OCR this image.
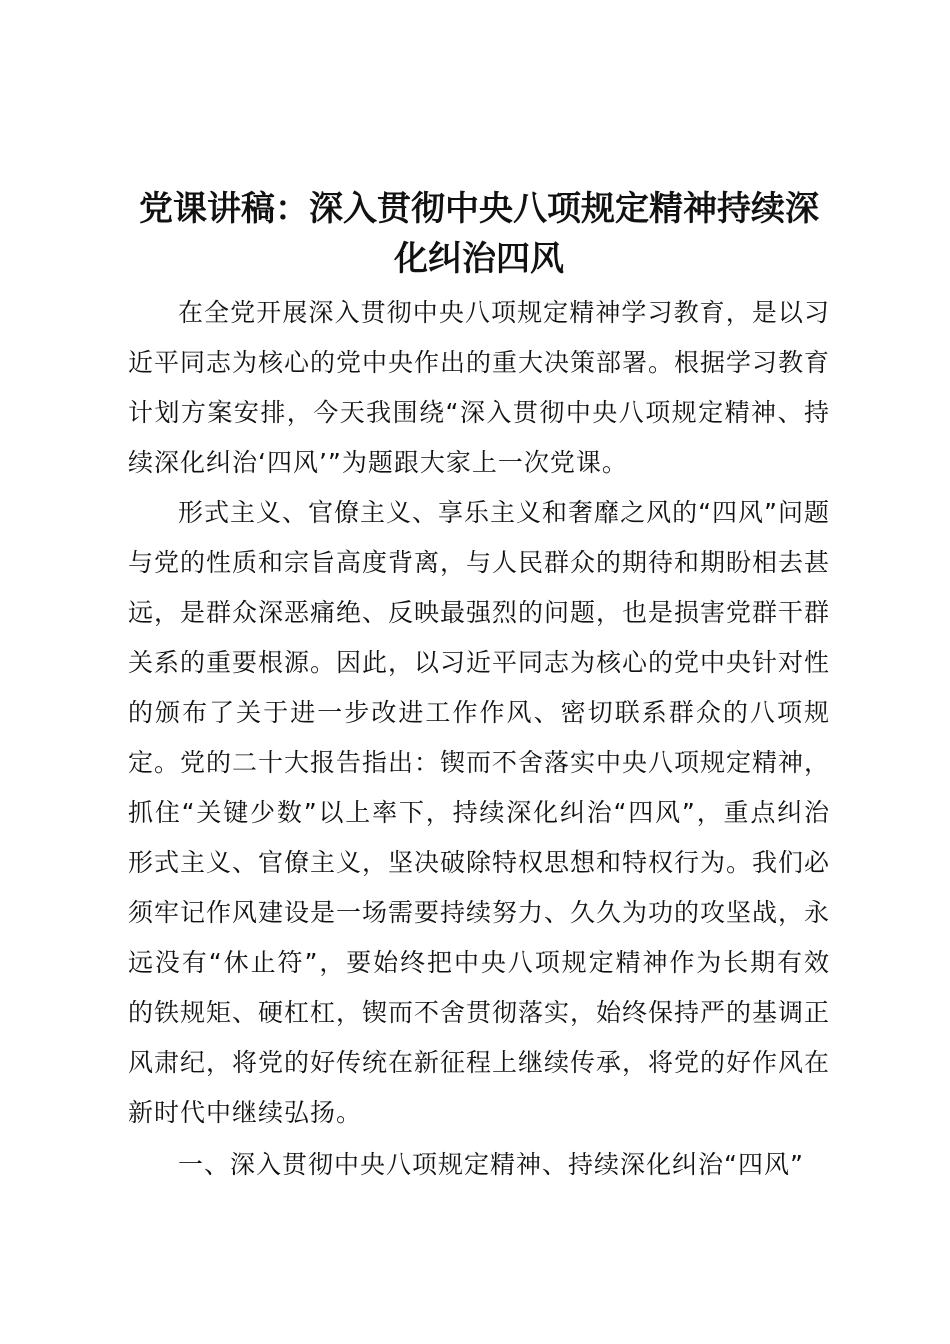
党课讲稿：深入贯彻中央八项规定精神持续深化纠治四风

在全党开展深入贯彻中央八项规定精神学习教育，是以习近平同志为核心的党中央作出的重大决策部署。根据学习教育计划方案安排，今天我围绕“深入贯彻中央八项规定精神、持续深化纠治‘四风’”为题跟大家上一次党课。

形式主义、官僚主义、享乐主义和奢靡之风的“四风”问题与党的性质和宗旨高度背离，与人民群众的期待和期盼相去甚远，是群众深恶痛绝、反映最强烈的问题，也是损害党群干群关系的重要根源。因此，以习近平同志为核心的党中央针对性的颁布了关于进一步改进工作作风、密切联系群众的八项规定。党的二十大报告指出：锲而不舍落实中央八项规定精神，抓住“关键少数”以上率下，持续深化纠治“四风”，重点纠治形式主义、官僚主义，坚决破除特权思想和特权行为。我们必须牢记作风建设是一场需要持续努力、久久为功的攻坚战，永远没有“休止符”，要始终把中央八项规定精神作为长期有效的铁规矩、硬杠杠，锲而不舍贯彻落实，始终保持严的基调正风肃纪，将党的好传统在新征程上继续传承，将党的好作风在新时代中继续弘扬。

一、深入贯彻中央八项规定精神、持续深化纠治“四风”
